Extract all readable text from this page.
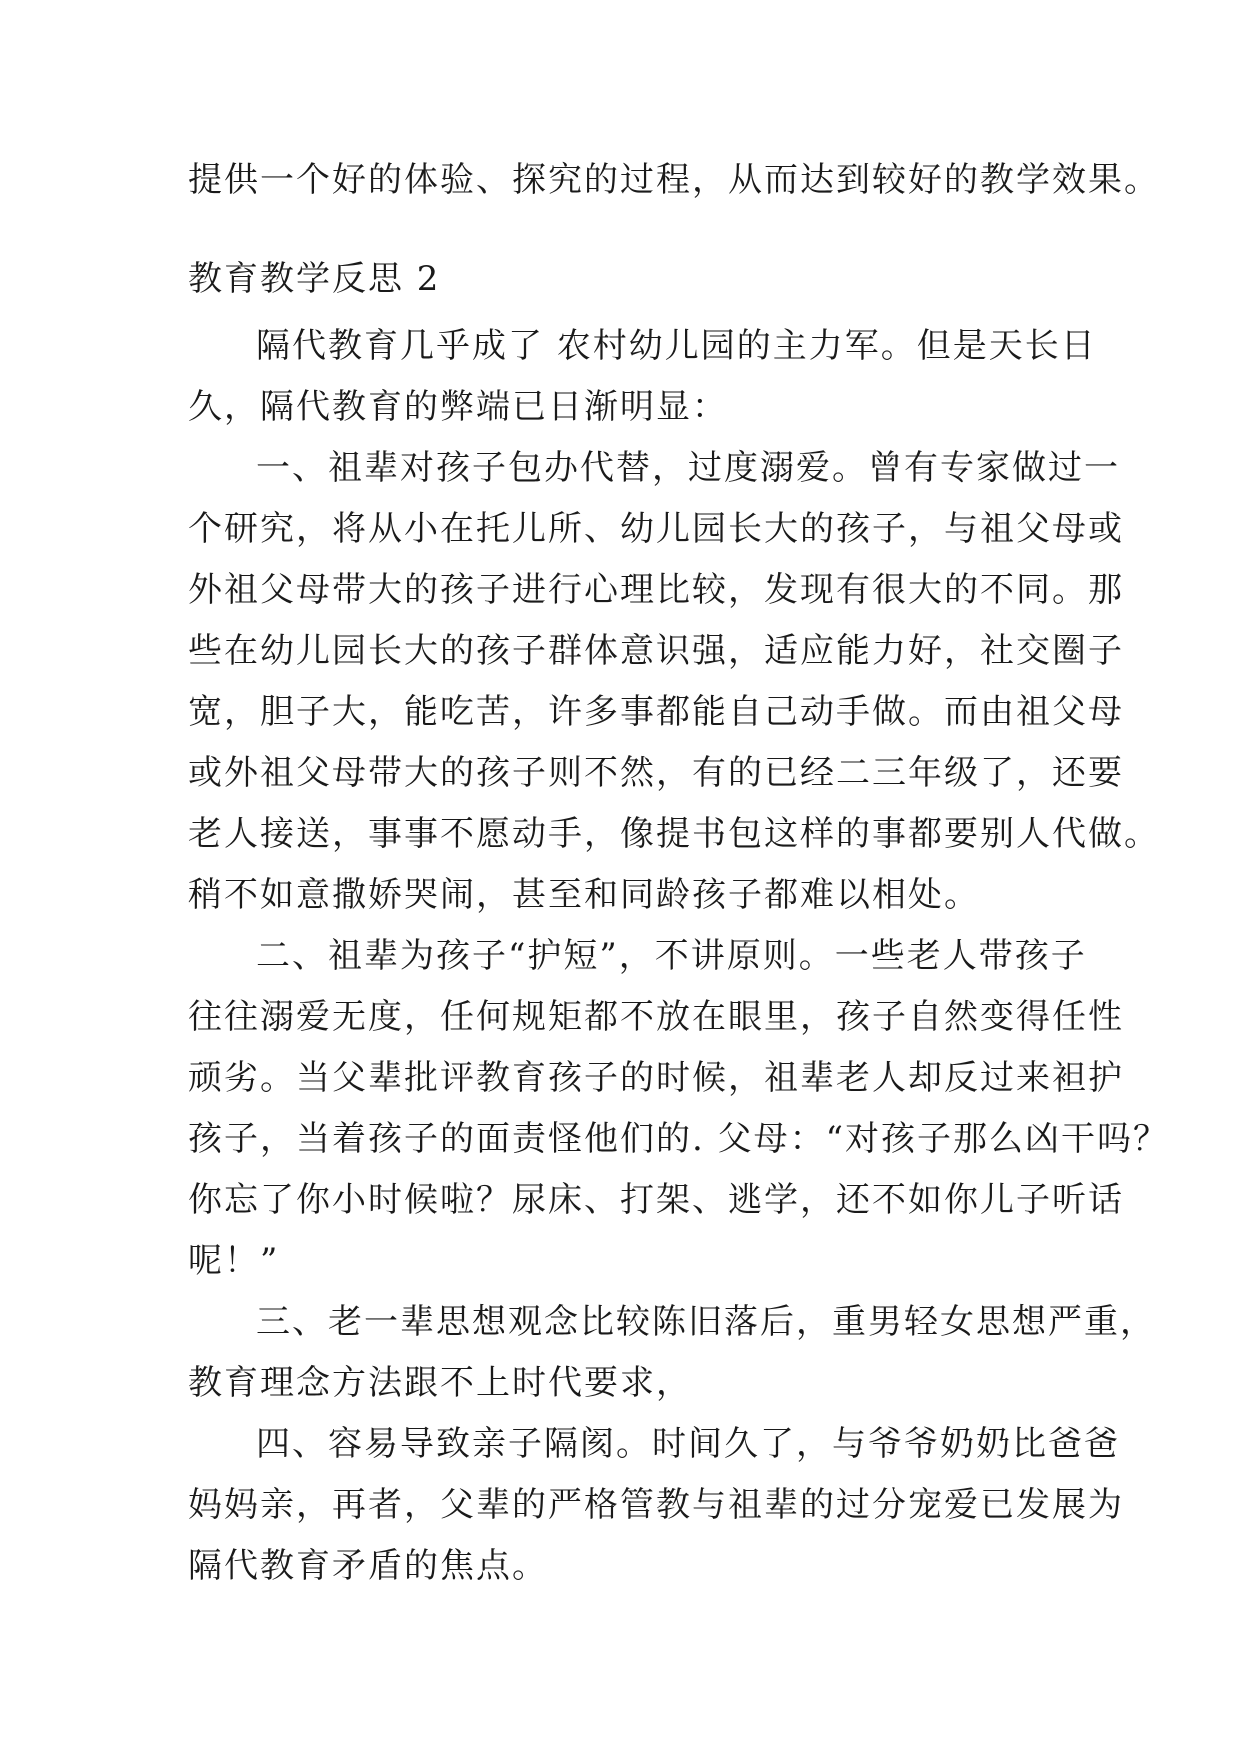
提供一个好的体验、探究的过程，从而达到较好的教学效果。
教育教学反思 2
隔代教育几乎成了 农村幼儿园的主力军。但是天长日
久，隔代教育的弊端已日渐明显：
一、祖辈对孩子包办代替，过度溺爱。曾有专家做过一
个研究，将从小在托儿所、幼儿园长大的孩子，与祖父母或
外祖父母带大的孩子进行心理比较，发现有很大的不同。那
些在幼儿园长大的孩子群体意识强，适应能力好，社交圈子
宽，胆子大，能吃苦，许多事都能自己动手做。而由祖父母
或外祖父母带大的孩子则不然，有的已经二三年级了，还要
老人接送，事事不愿动手，像提书包这样的事都要别人代做。
稍不如意撒娇哭闹，甚至和同龄孩子都难以相处。
二、祖辈为孩子“护短”，不讲原则。一些老人带孩子
往往溺爱无度，任何规矩都不放在眼里，孩子自然变得任性
顽劣。当父辈批评教育孩子的时候，祖辈老人却反过来袒护
孩子，当着孩子的面责怪他们的. 父母：“对孩子那么凶干吗？
你忘了你小时候啦？尿床、打架、逃学，还不如你儿子听话
呢！”
三、老一辈思想观念比较陈旧落后，重男轻女思想严重，
教育理念方法跟不上时代要求，
四、容易导致亲子隔阂。时间久了，与爷爷奶奶比爸爸
妈妈亲，再者，父辈的严格管教与祖辈的过分宠爱已发展为
隔代教育矛盾的焦点。
